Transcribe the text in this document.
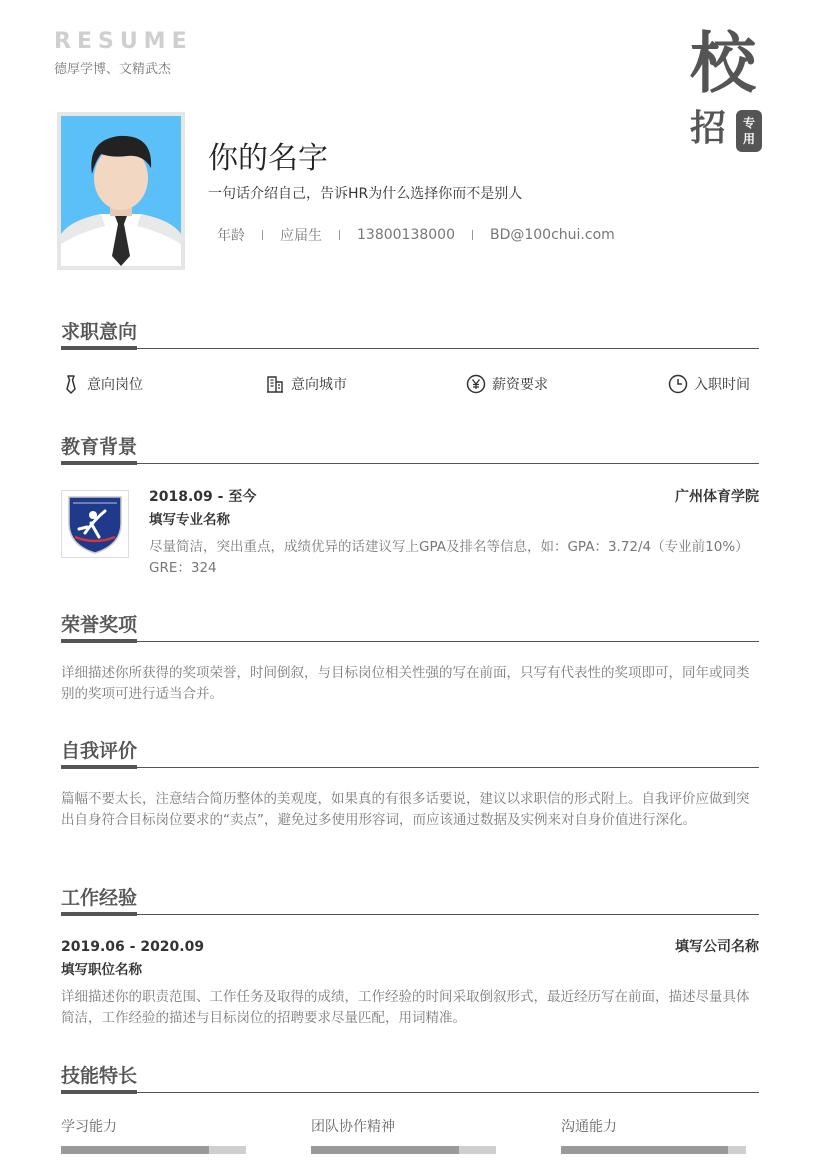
RESUME
德厚学博、文精武杰	校
招	专
用
你的名字
一句话介绍自己，告诉HR为什么选择你而不是别人
年龄	应届生	13800138000	BD@100chui.com
求职意向
意向岗位	意向城市	薪资要求	入职时间
教育背景
2018.09 - 至今	广州体育学院
填写专业名称
尽量简洁，突出重点，成绩优异的话建议写上GPA及排名等信息，如：GPA：3.72/4（专业前10%）GRE：324
荣誉奖项
详细描述你所获得的奖项荣誉，时间倒叙，与目标岗位相关性强的写在前面，只写有代表性的奖项即可，同年或同类别的奖项可进行适当合并。
自我评价
篇幅不要太长，注意结合简历整体的美观度，如果真的有很多话要说，建议以求职信的形式附上。自我评价应做到突出自身符合目标岗位要求的“卖点”，避免过多使用形容词，而应该通过数据及实例来对自身价值进行深化。
工作经验
2019.06 - 2020.09	填写公司名称
填写职位名称
详细描述你的职责范围、工作任务及取得的成绩，工作经验的时间采取倒叙形式，最近经历写在前面，描述尽量具体简洁，工作经验的描述与目标岗位的招聘要求尽量匹配，用词精准。
技能特长
学习能力	团队协作精神	沟通能力
